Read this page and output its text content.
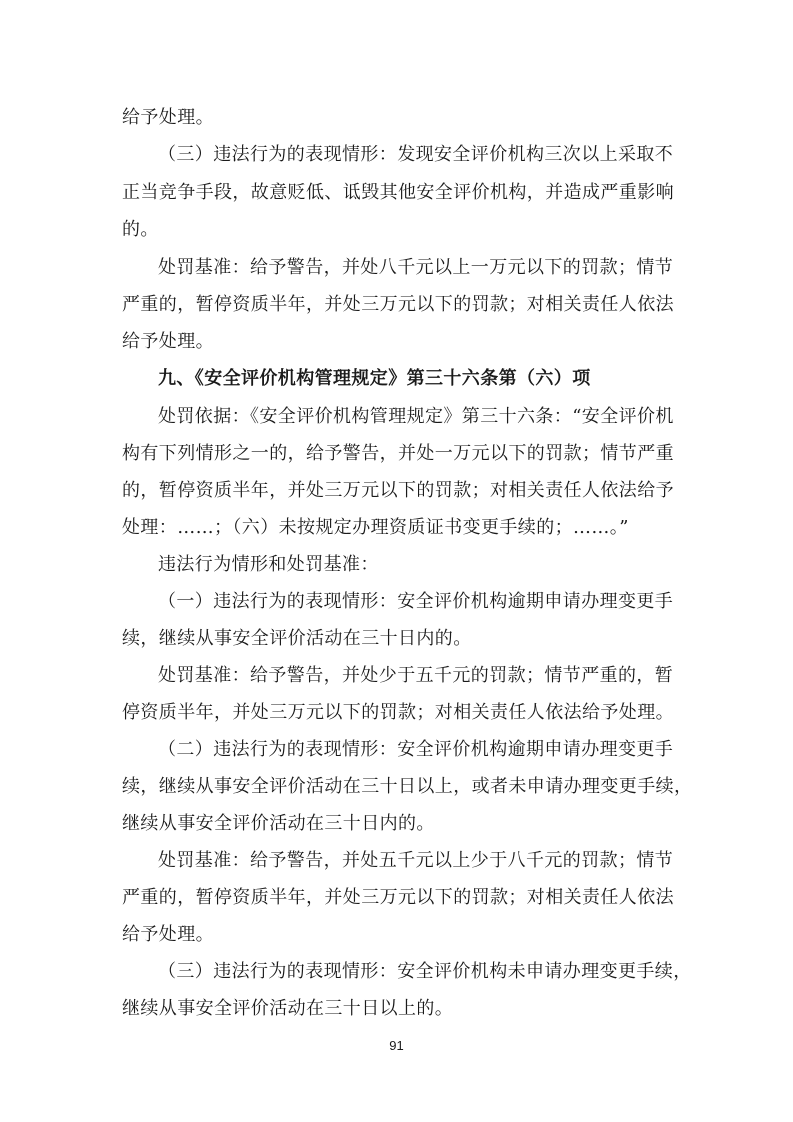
给予处理。
（三）违法行为的表现情形：发现安全评价机构三次以上采取不
正当竞争手段，故意贬低、诋毁其他安全评价机构，并造成严重影响
的。
处罚基准：给予警告，并处八千元以上一万元以下的罚款；情节
严重的，暂停资质半年，并处三万元以下的罚款；对相关责任人依法
给予处理。
九、《安全评价机构管理规定》第三十六条第（六）项
处罚依据：《安全评价机构管理规定》第三十六条：“安全评价机
构有下列情形之一的，给予警告，并处一万元以下的罚款；情节严重
的，暂停资质半年，并处三万元以下的罚款；对相关责任人依法给予
处理：……；（六）未按规定办理资质证书变更手续的；……。”
违法行为情形和处罚基准：
（一）违法行为的表现情形：安全评价机构逾期申请办理变更手
续，继续从事安全评价活动在三十日内的。
处罚基准：给予警告，并处少于五千元的罚款；情节严重的，暂
停资质半年，并处三万元以下的罚款；对相关责任人依法给予处理。
（二）违法行为的表现情形：安全评价机构逾期申请办理变更手
续，继续从事安全评价活动在三十日以上，或者未申请办理变更手续，
继续从事安全评价活动在三十日内的。
处罚基准：给予警告，并处五千元以上少于八千元的罚款；情节
严重的，暂停资质半年，并处三万元以下的罚款；对相关责任人依法
给予处理。
（三）违法行为的表现情形：安全评价机构未申请办理变更手续，
继续从事安全评价活动在三十日以上的。
91
